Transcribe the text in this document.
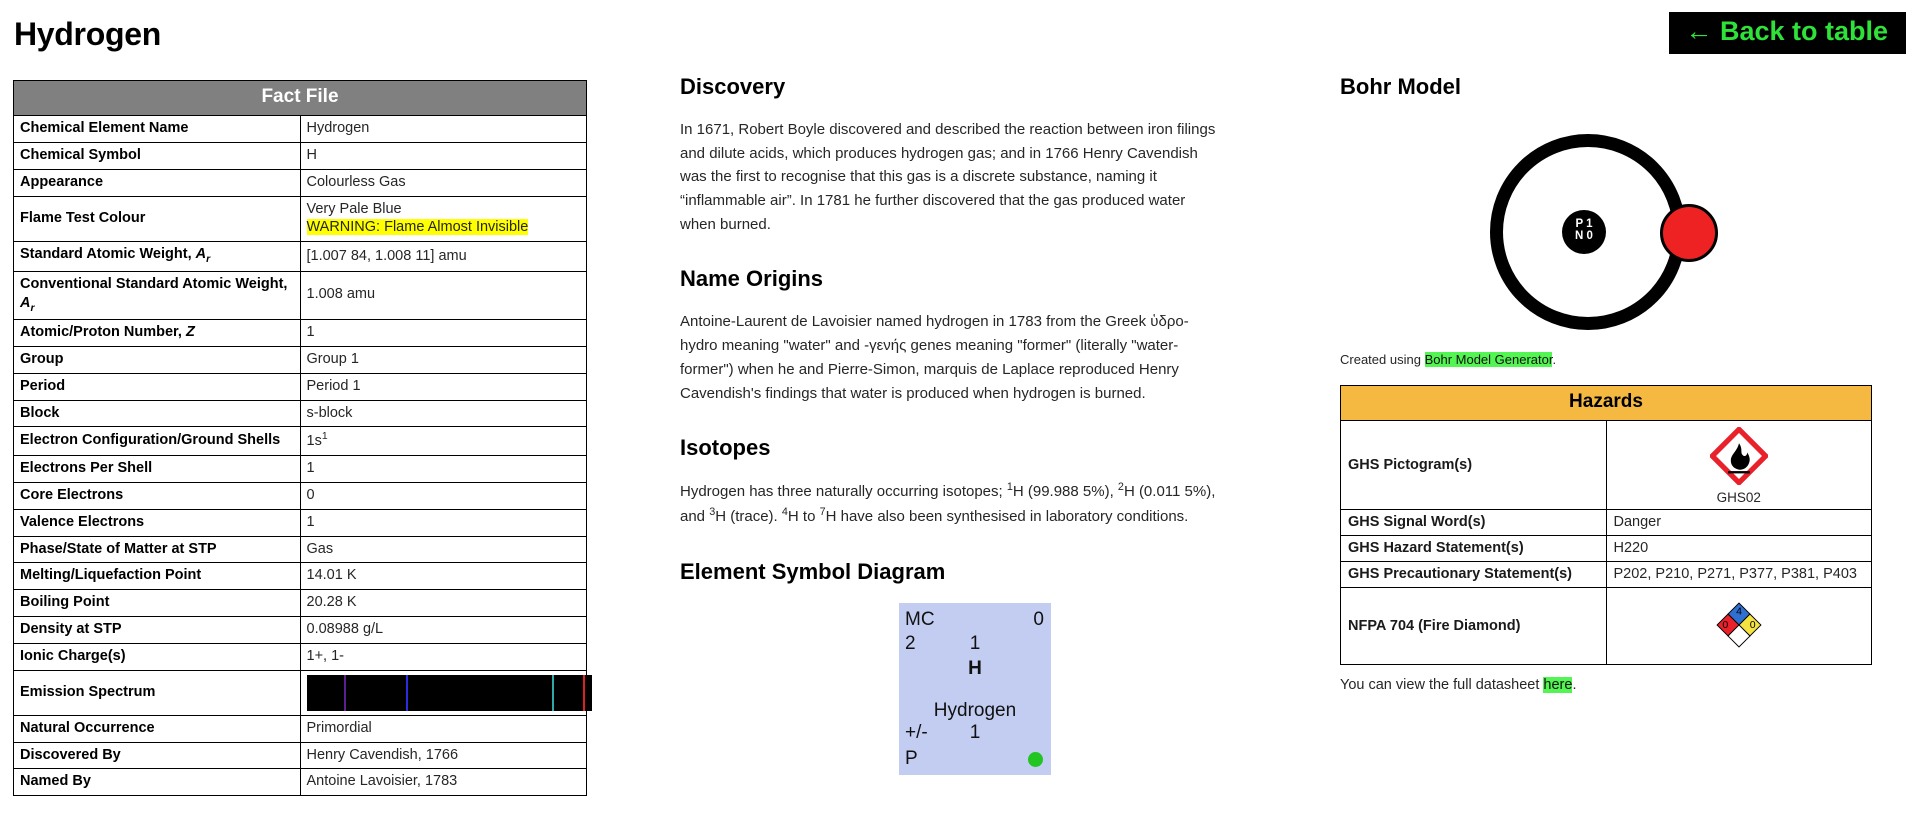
Hydrogen	← Back to table
Fact File	
Chemical Element Name	Hydrogen
Chemical Symbol	H
Appearance	Colourless Gas
Flame Test Colour	Very Pale Blue
WARNING: Flame Almost Invisible

Standard Atomic Weight, $A_r$	[1.007 84, 1.008 11] amu
Conventional Standard Atomic Weight, $A_r$	1.008 amu
Atomic/Proton Number, Z	1
Group	Group 1
Period	Period 1
Block	s-block
Electron Configuration/Ground Shells	$1s^1$
Electrons Per Shell	1
Core Electrons	0
Valence Electrons	1
Phase/State of Matter at STP	Gas
Melting/Liquefaction Point	14.01 K
Boiling Point	20.28 K
Density at STP	0.08988 g/L
Ionic Charge(s)	1+, 1-
Emission Spectrum	

Natural Occurrence	Primordial
Discovered By	Henry Cavendish, 1766
Named By	Antoine Lavoisier, 1783
Discovery

In 1671, Robert Boyle discovered and described the reaction between iron filings and dilute acids, which produces hydrogen gas; and in 1766 Henry Cavendish was the first to recognise that this gas is a discrete substance, naming it “inflammable air”. In 1781 he further discovered that the gas produced water when burned.

Name Origins

Antoine-Laurent de Lavoisier named hydrogen in 1783 from the Greek ὑδρο-hydro meaning "water" and -γενής genes meaning "former" (literally "water-former") when he and Pierre-Simon, marquis de Laplace reproduced Henry Cavendish's findings that water is produced when hydrogen is burned.

Isotopes

Hydrogen has three naturally occurring isotopes; $^1$H (99.988 5%), $^2$H (0.011 5%), and $^3$H (trace). $^4$H to $^7$H have also been synthesised in laboratory conditions.

Element Symbol Diagram
MC	0
2	1
H
Hydrogen
+/- 1
P
Bohr Model
P 1
N 0
Created using Bohr Model Generator.
Hazards	
GHS Pictogram(s)	GHS02

GHS Signal Word(s)	Danger
GHS Hazard Statement(s)	H220
GHS Precautionary Statement(s)	P202, P210, P271, P377, P381, P403
NFPA 704 (Fire Diamond)	0
4
0
You can view the full datasheet here.
